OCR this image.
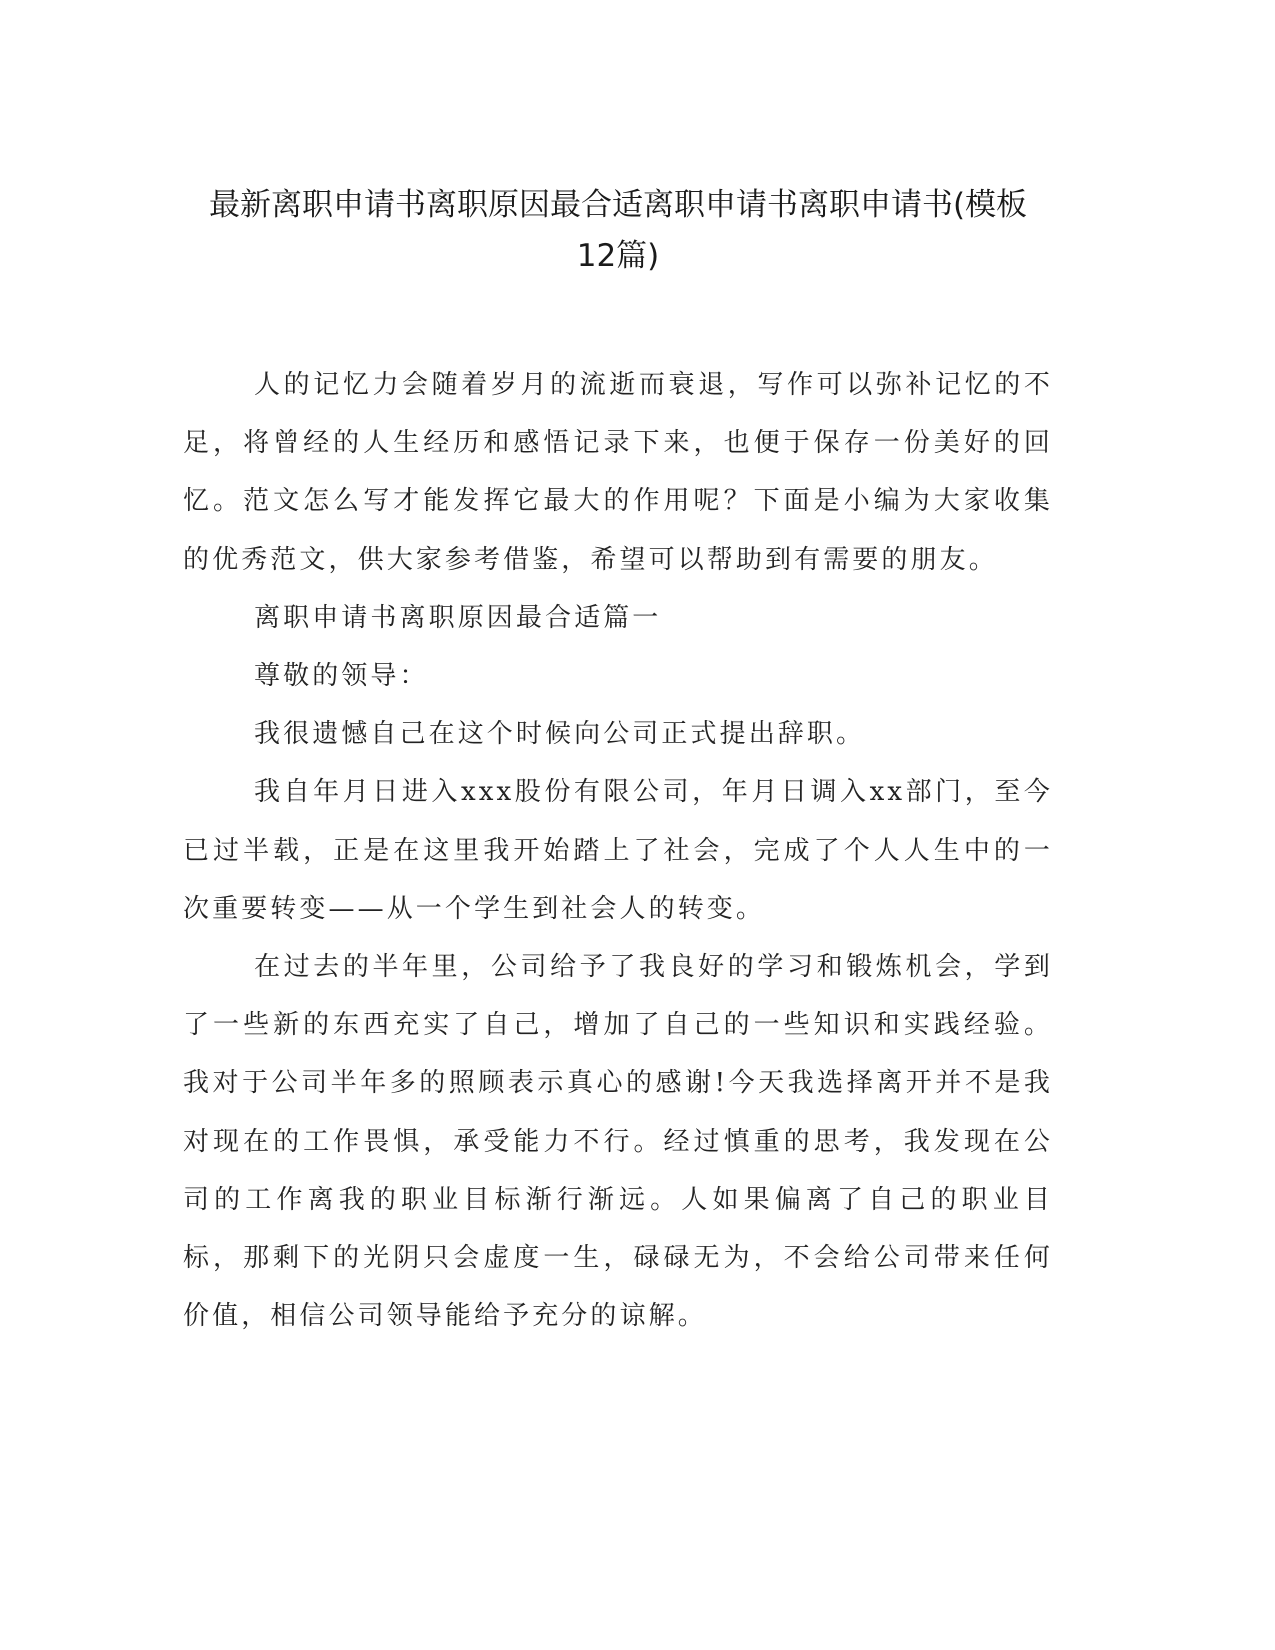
最新离职申请书离职原因最合适离职申请书离职申请书(模板
12篇)

人的记忆力会随着岁月的流逝而衰退，写作可以弥补记忆的不足，将曾经的人生经历和感悟记录下来，也便于保存一份美好的回忆。范文怎么写才能发挥它最大的作用呢？下面是小编为大家收集的优秀范文，供大家参考借鉴，希望可以帮助到有需要的朋友。

离职申请书离职原因最合适篇一

尊敬的领导：

我很遗憾自己在这个时候向公司正式提出辞职。

我自年月日进入xxx股份有限公司，年月日调入xx部门，至今已过半载，正是在这里我开始踏上了社会，完成了个人人生中的一次重要转变——从一个学生到社会人的转变。

在过去的半年里，公司给予了我良好的学习和锻炼机会，学到了一些新的东西充实了自己，增加了自己的一些知识和实践经验。我对于公司半年多的照顾表示真心的感谢!今天我选择离开并不是我对现在的工作畏惧，承受能力不行。经过慎重的思考，我发现在公司的工作离我的职业目标渐行渐远。人如果偏离了自己的职业目标，那剩下的光阴只会虚度一生，碌碌无为，不会给公司带来任何价值，相信公司领导能给予充分的谅解。
